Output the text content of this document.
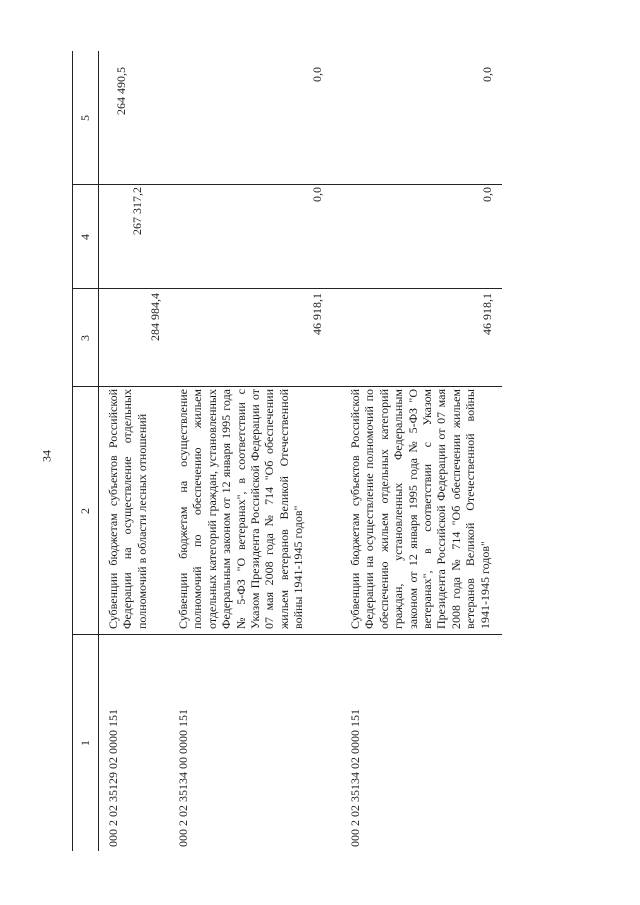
34
1
2
3
4
5
000 2 02 35129 02 0000 151
Субвенции бюджетам субъектов Российской Федерации на осуществление отдельных полномочий в области лесных отношений
284 984,4
267 317,2
264 490,5
000 2 02 35134 00 0000 151
Субвенции бюджетам на осуществление полномочий по обеспечению жильем отдельных категорий граждан, установленных Федеральным законом от 12 января 1995 года № 5-ФЗ "О ветеранах", в соответствии с Указом Президента Российской Федерации от 07 мая 2008 года № 714 "Об обеспечении жильем ветеранов Великой Отечественной войны 1941-1945 годов"
46 918,1
0,0
0,0
000 2 02 35134 02 0000 151
Субвенции бюджетам субъектов Российской Федерации на осуществление полномочий по обеспечению жильем отдельных категорий граждан, установленных Федеральным законом от 12 января 1995 года № 5-ФЗ "О ветеранах", в соответствии с Указом Президента Российской Федерации от 07 мая 2008 года № 714 "Об обеспечении жильем ветеранов Великой Отечественной войны 1941-1945 годов"
46 918,1
0,0
0,0
